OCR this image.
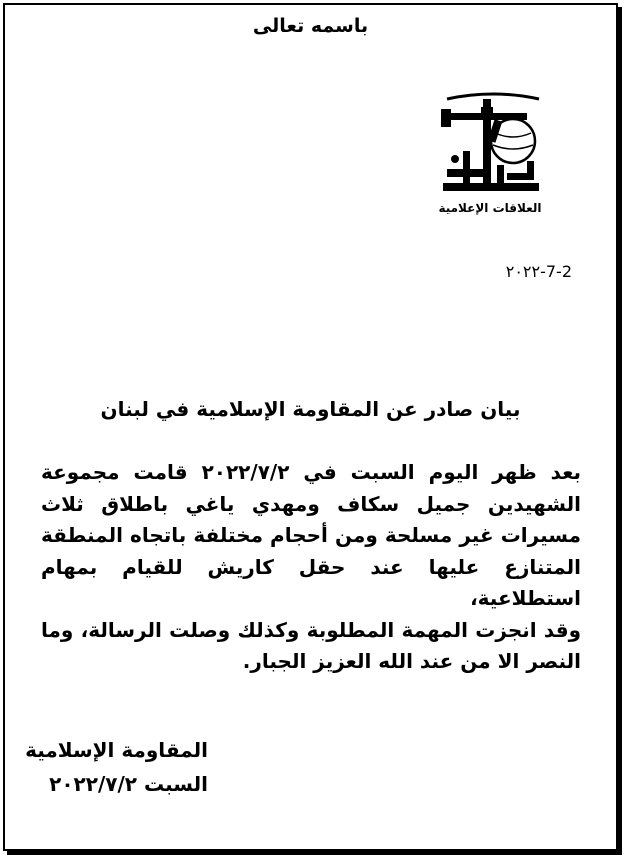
باسمه تعالى
العلاقات الإعلامية
٢٠٢٢-7-2
بيان صادر عن المقاومة الإسلامية في لبنان
بعد ظهر اليوم السبت في ٢٠٢٢/٧/٢ قامت مجموعة
الشهيدين جميل سكاف ومهدي ياغي باطلاق ثلاث
مسيرات غير مسلحة ومن أحجام مختلفة باتجاه المنطقة
المتنازع عليها عند حقل كاريش للقيام بمهام استطلاعية،
وقد انجزت المهمة المطلوبة وكذلك وصلت الرسالة، وما
النصر الا من عند الله العزيز الجبار.
المقاومة الإسلامية
السبت ٢٠٢٢/٧/٢
